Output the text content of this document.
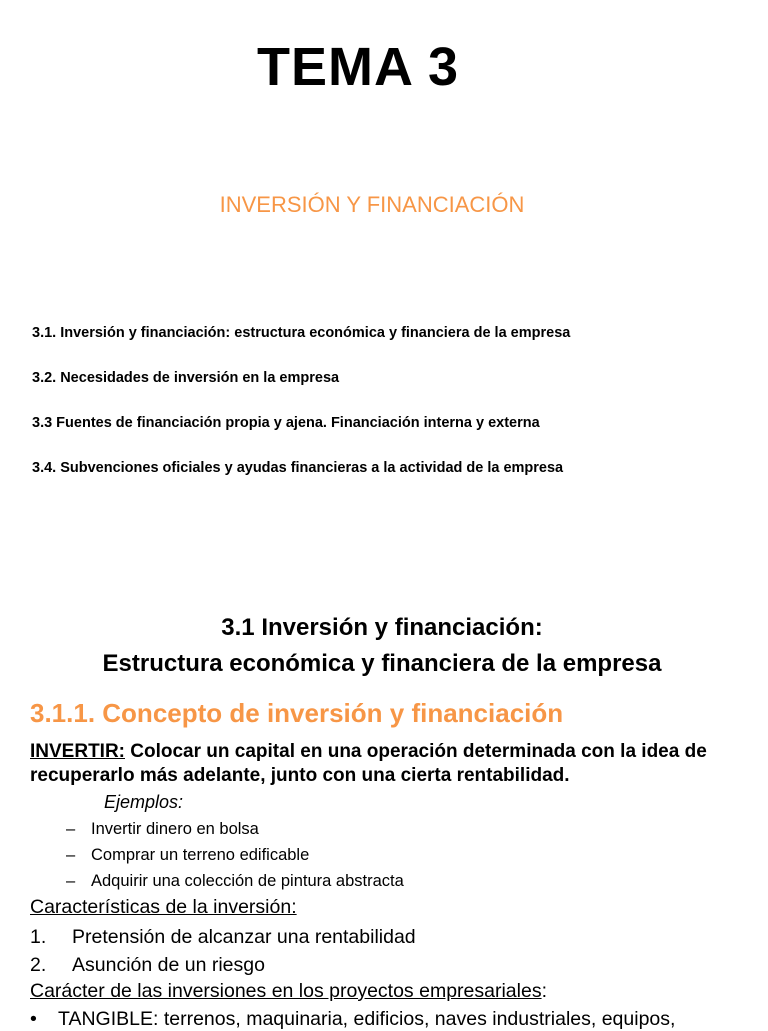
TEMA 3
INVERSIÓN Y FINANCIACIÓN
3.1. Inversión y financiación: estructura económica y financiera de la empresa
3.2. Necesidades de inversión en la empresa
3.3 Fuentes de financiación propia y ajena. Financiación interna y externa
3.4. Subvenciones oficiales y ayudas financieras a la actividad de la empresa
3.1 Inversión y financiación:
Estructura económica y financiera de la empresa
3.1.1. Concepto de inversión y financiación
INVERTIR: Colocar un capital en una operación determinada con la idea de recuperarlo más adelante, junto con una cierta rentabilidad.
Ejemplos:
– Invertir dinero en bolsa
– Comprar un terreno edificable
– Adquirir una colección de pintura abstracta
Características de la inversión:
1. Pretensión de alcanzar una rentabilidad
2. Asunción de un riesgo
Carácter de las inversiones en los proyectos empresariales:
• TANGIBLE: terrenos, maquinaria, edificios, naves industriales, equipos,
